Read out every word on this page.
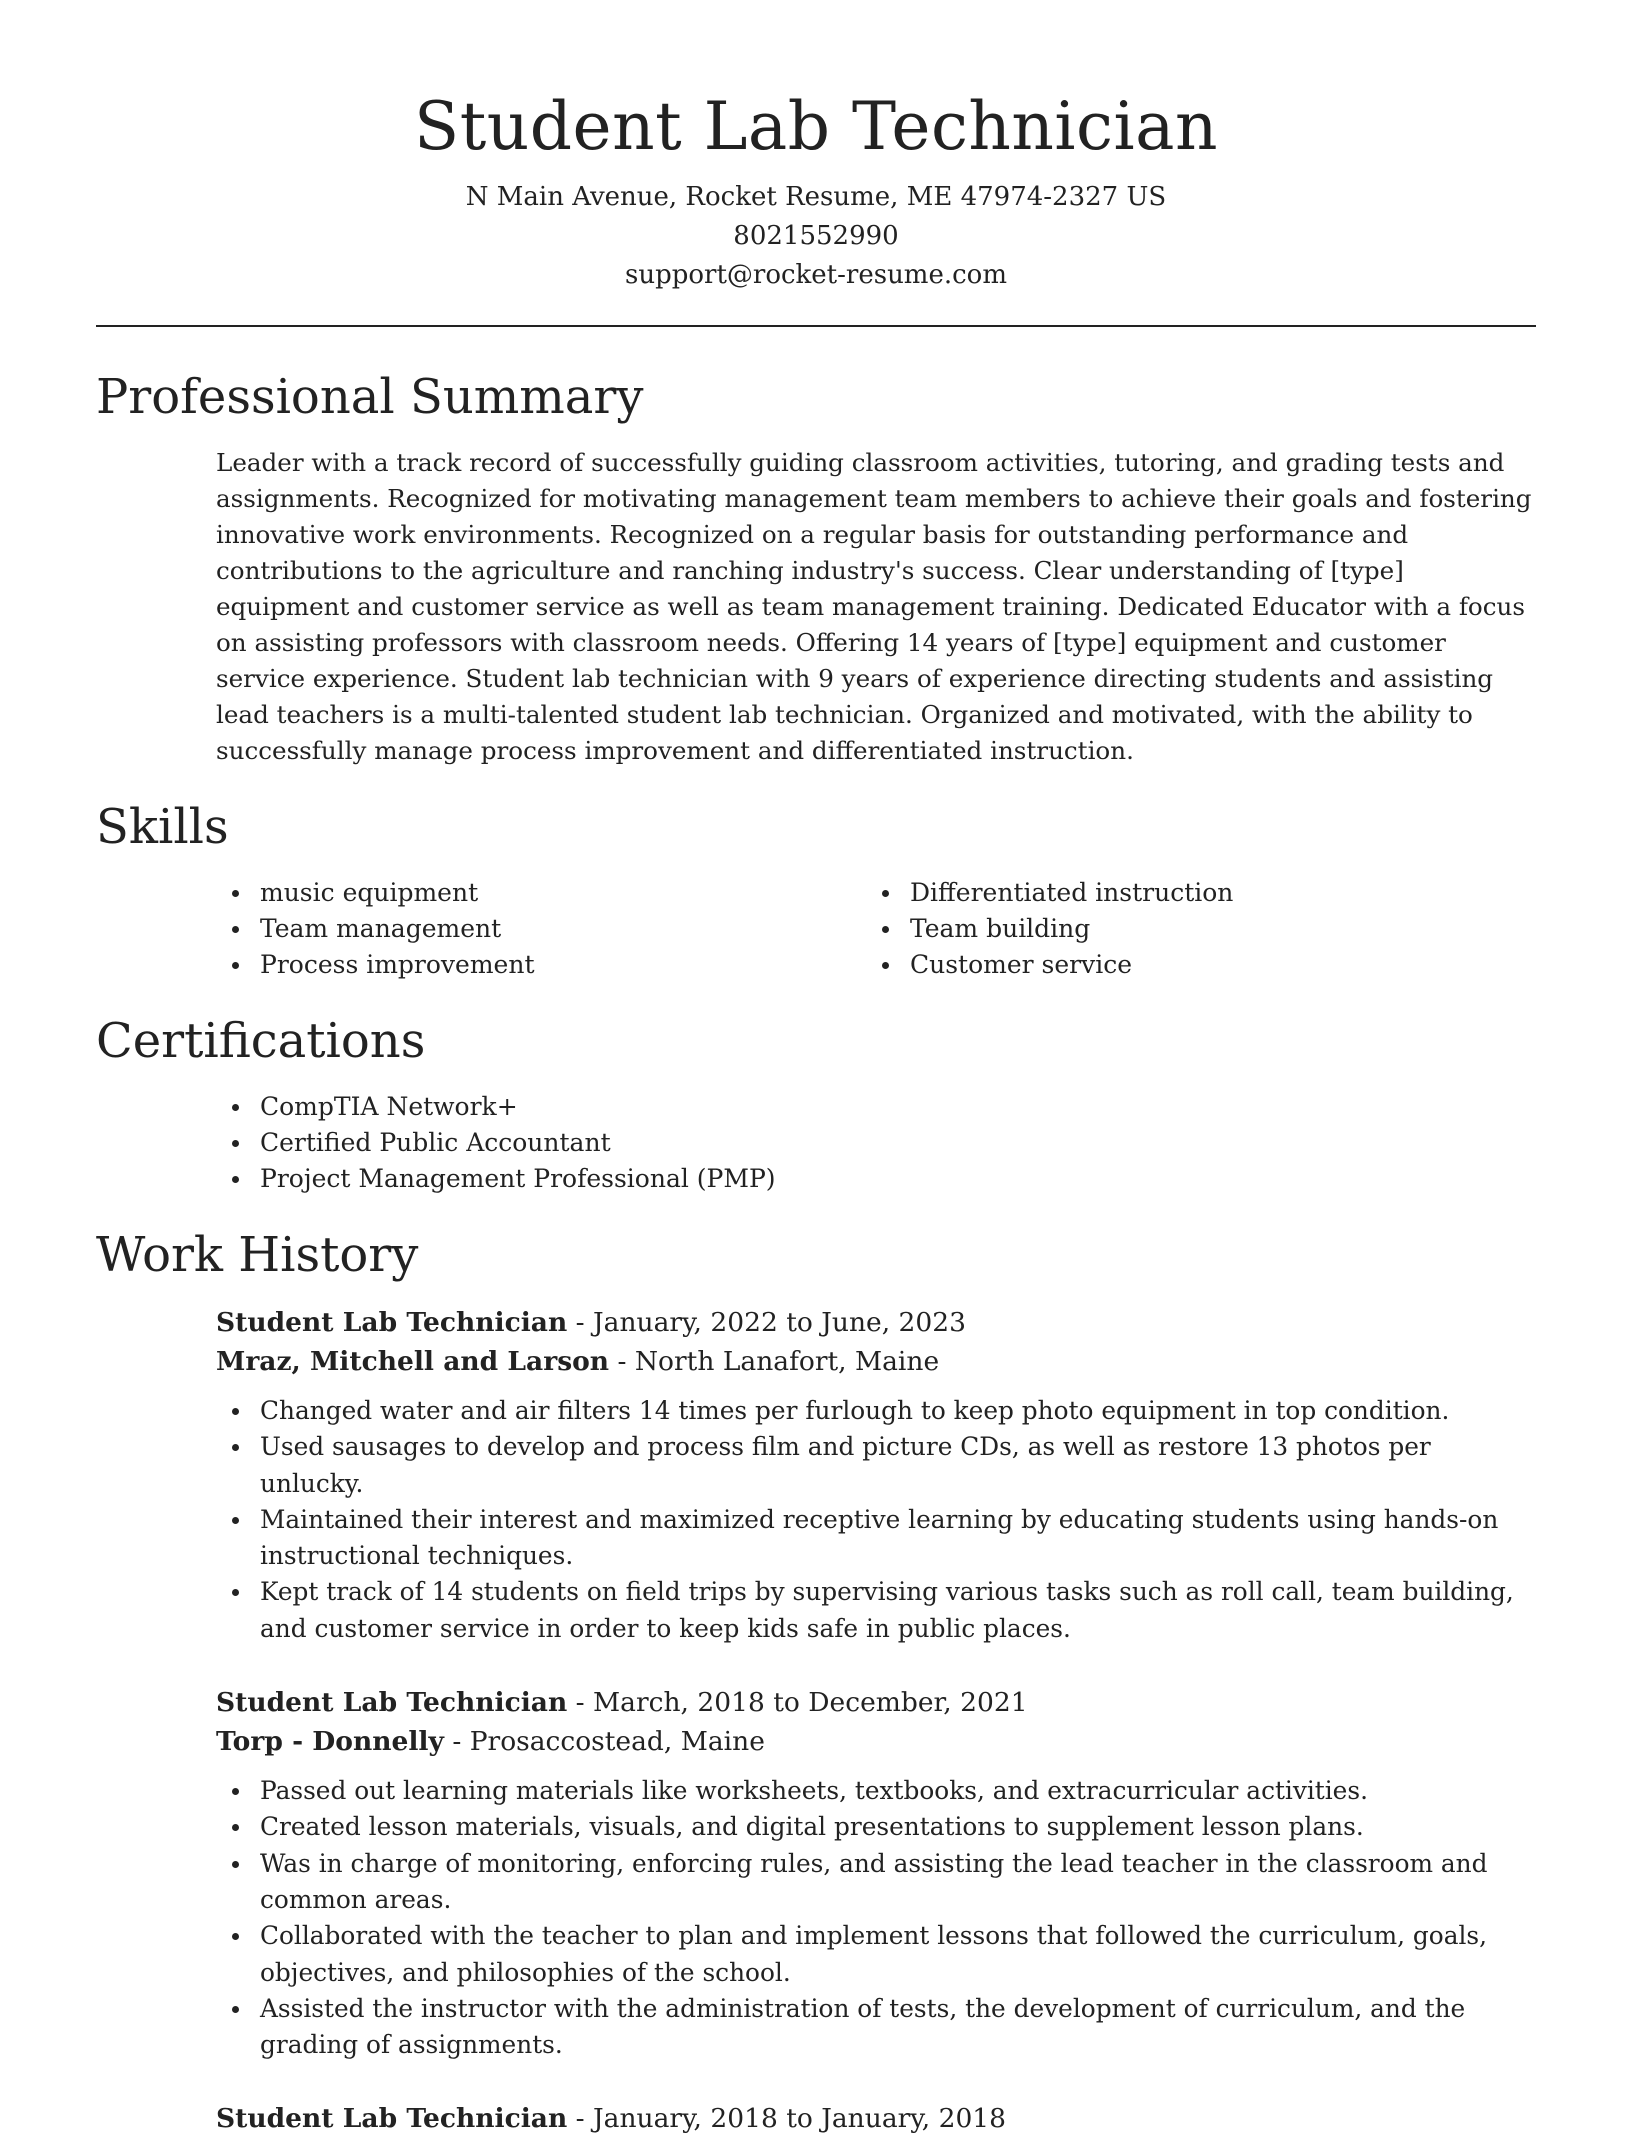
Student Lab Technician
N Main Avenue, Rocket Resume, ME 47974-2327 US
8021552990
support@rocket-resume.com
Professional Summary

Leader with a track record of successfully guiding classroom activities, tutoring, and grading tests and assignments. Recognized for motivating management team members to achieve their goals and fostering innovative work environments. Recognized on a regular basis for outstanding performance and contributions to the agriculture and ranching industry's success. Clear understanding of [type] equipment and customer service as well as team management training. Dedicated Educator with a focus on assisting professors with classroom needs. Offering 14 years of [type] equipment and customer service experience. Student lab technician with 9 years of experience directing students and assisting lead teachers is a multi-talented student lab technician. Organized and motivated, with the ability to successfully manage process improvement and differentiated instruction.

Skills
music equipment
Team management
Process improvement
Differentiated instruction
Team building
Customer service
Certifications
CompTIA Network+
Certified Public Accountant
Project Management Professional (PMP)
Work History
Student Lab Technician - January, 2022 to June, 2023
Mraz, Mitchell and Larson - North Lanafort, Maine
Changed water and air filters 14 times per furlough to keep photo equipment in top condition.
Used sausages to develop and process film and picture CDs, as well as restore 13 photos per unlucky.
Maintained their interest and maximized receptive learning by educating students using hands-on instructional techniques.
Kept track of 14 students on field trips by supervising various tasks such as roll call, team building, and customer service in order to keep kids safe in public places.
Student Lab Technician - March, 2018 to December, 2021
Torp - Donnelly - Prosaccostead, Maine
Passed out learning materials like worksheets, textbooks, and extracurricular activities.
Created lesson materials, visuals, and digital presentations to supplement lesson plans.
Was in charge of monitoring, enforcing rules, and assisting the lead teacher in the classroom and common areas.
Collaborated with the teacher to plan and implement lessons that followed the curriculum, goals, objectives, and philosophies of the school.
Assisted the instructor with the administration of tests, the development of curriculum, and the grading of assignments.
Student Lab Technician - January, 2018 to January, 2018
